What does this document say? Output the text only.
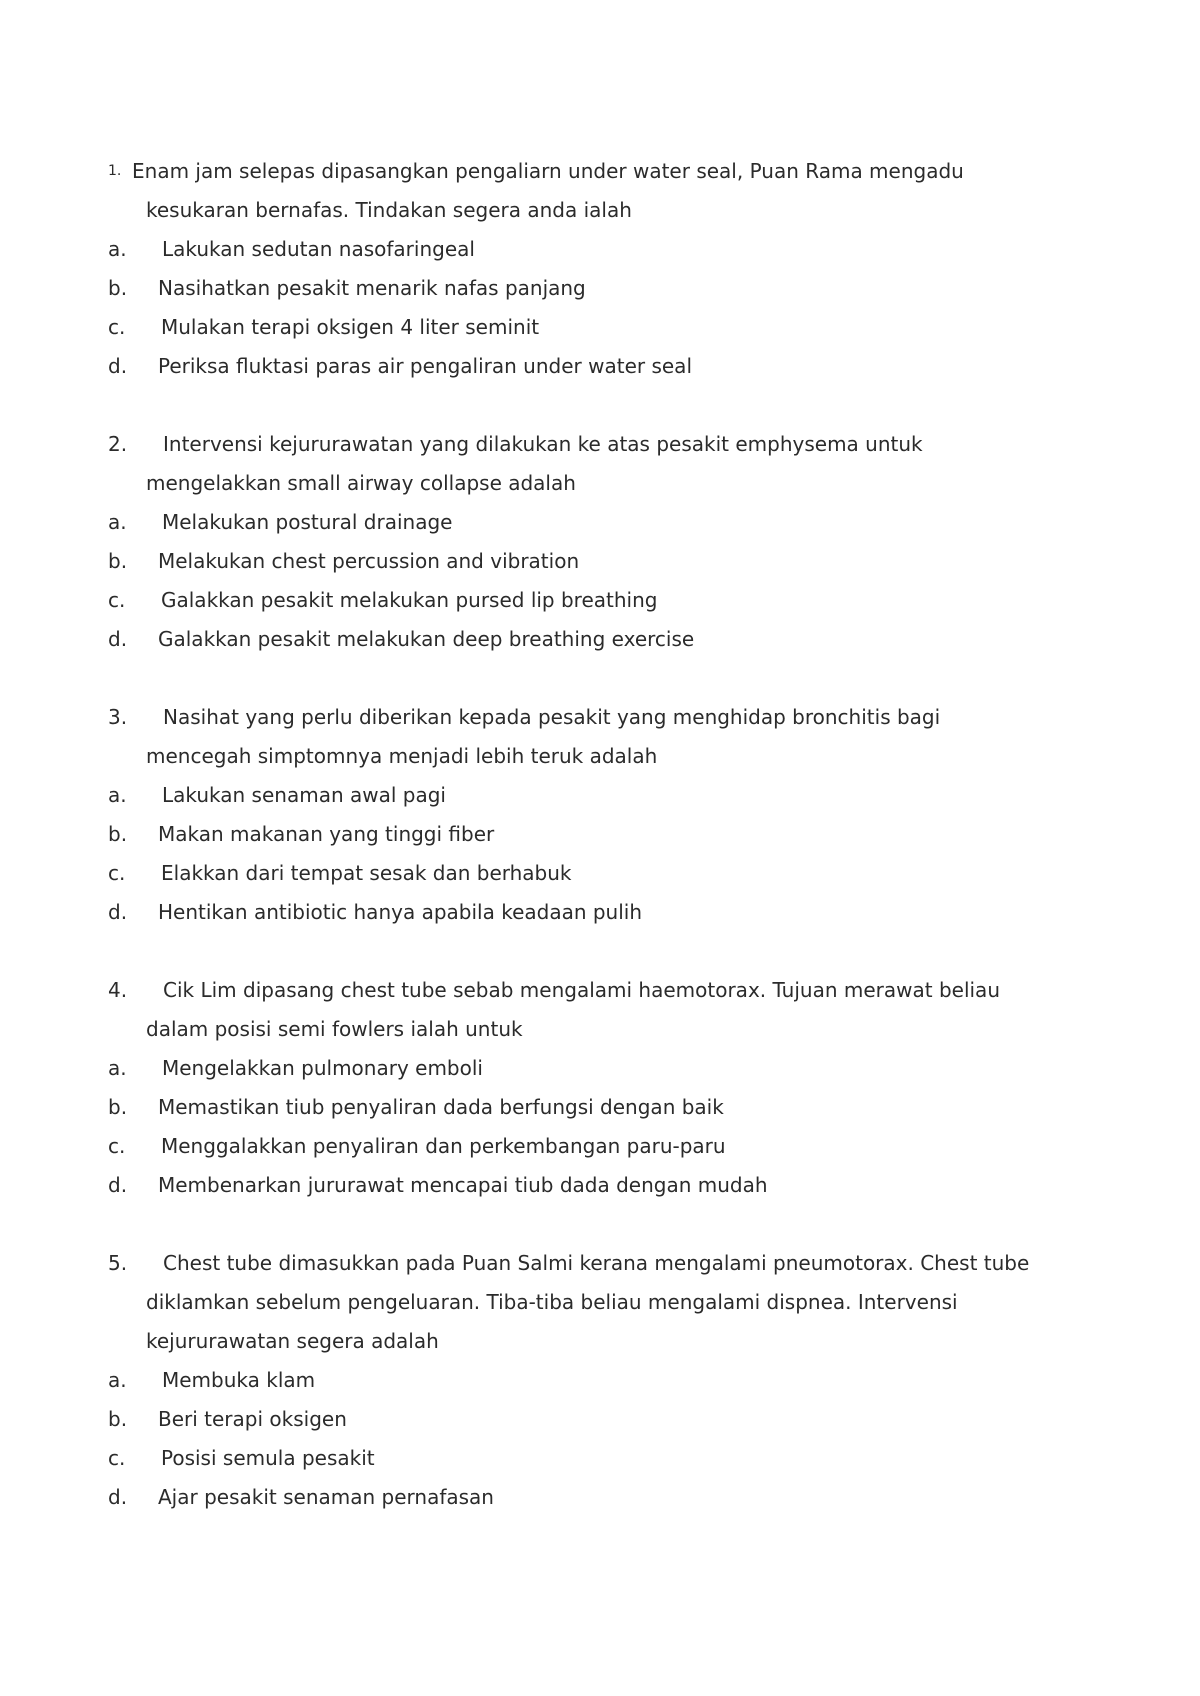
1. Enam jam selepas dipasangkan pengaliarn under water seal, Puan Rama mengadu
kesukaran bernafas. Tindakan segera anda ialah
a. Lakukan sedutan nasofaringeal
b. Nasihatkan pesakit menarik nafas panjang
c. Mulakan terapi oksigen 4 liter seminit
d. Periksa fluktasi paras air pengaliran under water seal
2. Intervensi kejururawatan yang dilakukan ke atas pesakit emphysema untuk
mengelakkan small airway collapse adalah
a. Melakukan postural drainage
b. Melakukan chest percussion and vibration
c. Galakkan pesakit melakukan pursed lip breathing
d. Galakkan pesakit melakukan deep breathing exercise
3. Nasihat yang perlu diberikan kepada pesakit yang menghidap bronchitis bagi
mencegah simptomnya menjadi lebih teruk adalah
a. Lakukan senaman awal pagi
b. Makan makanan yang tinggi fiber
c. Elakkan dari tempat sesak dan berhabuk
d. Hentikan antibiotic hanya apabila keadaan pulih
4. Cik Lim dipasang chest tube sebab mengalami haemotorax. Tujuan merawat beliau
dalam posisi semi fowlers ialah untuk
a. Mengelakkan pulmonary emboli
b. Memastikan tiub penyaliran dada berfungsi dengan baik
c. Menggalakkan penyaliran dan perkembangan paru-paru
d. Membenarkan jururawat mencapai tiub dada dengan mudah
5. Chest tube dimasukkan pada Puan Salmi kerana mengalami pneumotorax. Chest tube
diklamkan sebelum pengeluaran. Tiba-tiba beliau mengalami dispnea. Intervensi
kejururawatan segera adalah
a. Membuka klam
b. Beri terapi oksigen
c. Posisi semula pesakit
d. Ajar pesakit senaman pernafasan
